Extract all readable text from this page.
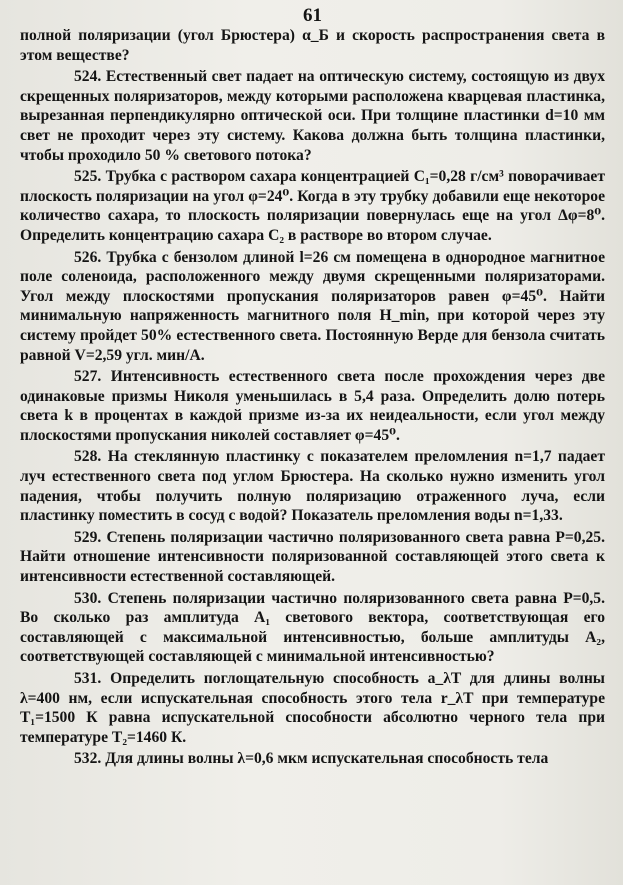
61

полной поляризации (угол Брюстера) α_Б и скорость распространения света в этом веществе?

524. Естественный свет падает на оптическую систему, состоящую из двух скрещенных поляризаторов, между которыми расположена кварцевая пластинка, вырезанная перпендикулярно оптической оси. При толщине пластинки d=10 мм свет не проходит через эту систему. Какова должна быть толщина пластинки, чтобы проходило 50 % светового потока?

525. Трубка с раствором сахара концентрацией C₁=0,28 г/см³ поворачивает плоскость поляризации на угол φ=24⁰. Когда в эту трубку добавили еще некоторое количество сахара, то плоскость поляризации повернулась еще на угол Δφ=8⁰. Определить концентрацию сахара C₂ в растворе во втором случае.

526. Трубка с бензолом длиной l=26 см помещена в однородное магнитное поле соленоида, расположенного между двумя скрещенными поляризаторами. Угол между плоскостями пропускания поляризаторов равен φ=45⁰. Найти минимальную напряженность магнитного поля H_min, при которой через эту систему пройдет 50% естественного света. Постоянную Верде для бензола считать равной V=2,59 угл. мин/А.

527. Интенсивность естественного света после прохождения через две одинаковые призмы Николя уменьшилась в 5,4 раза. Определить долю потерь света k в процентах в каждой призме из-за их неидеальности, если угол между плоскостями пропускания николей составляет φ=45⁰.

528. На стеклянную пластинку с показателем преломления n=1,7 падает луч естественного света под углом Брюстера. На сколько нужно изменить угол падения, чтобы получить полную поляризацию отраженного луча, если пластинку поместить в сосуд с водой? Показатель преломления воды n=1,33.

529. Степень поляризации частично поляризованного света равна P=0,25. Найти отношение интенсивности поляризованной составляющей этого света к интенсивности естественной составляющей.

530. Степень поляризации частично поляризованного света равна P=0,5. Во сколько раз амплитуда A₁ светового вектора, соответствующая его составляющей с максимальной интенсивностью, больше амплитуды A₂, соответствующей составляющей с минимальной интенсивностью?

531. Определить поглощательную способность a_λT для длины волны λ=400 нм, если испускательная способность этого тела r_λT при температуре T₁=1500 К равна испускательной способности абсолютно черного тела при температуре T₂=1460 К.

532. Для длины волны λ=0,6 мкм испускательная способность тела
